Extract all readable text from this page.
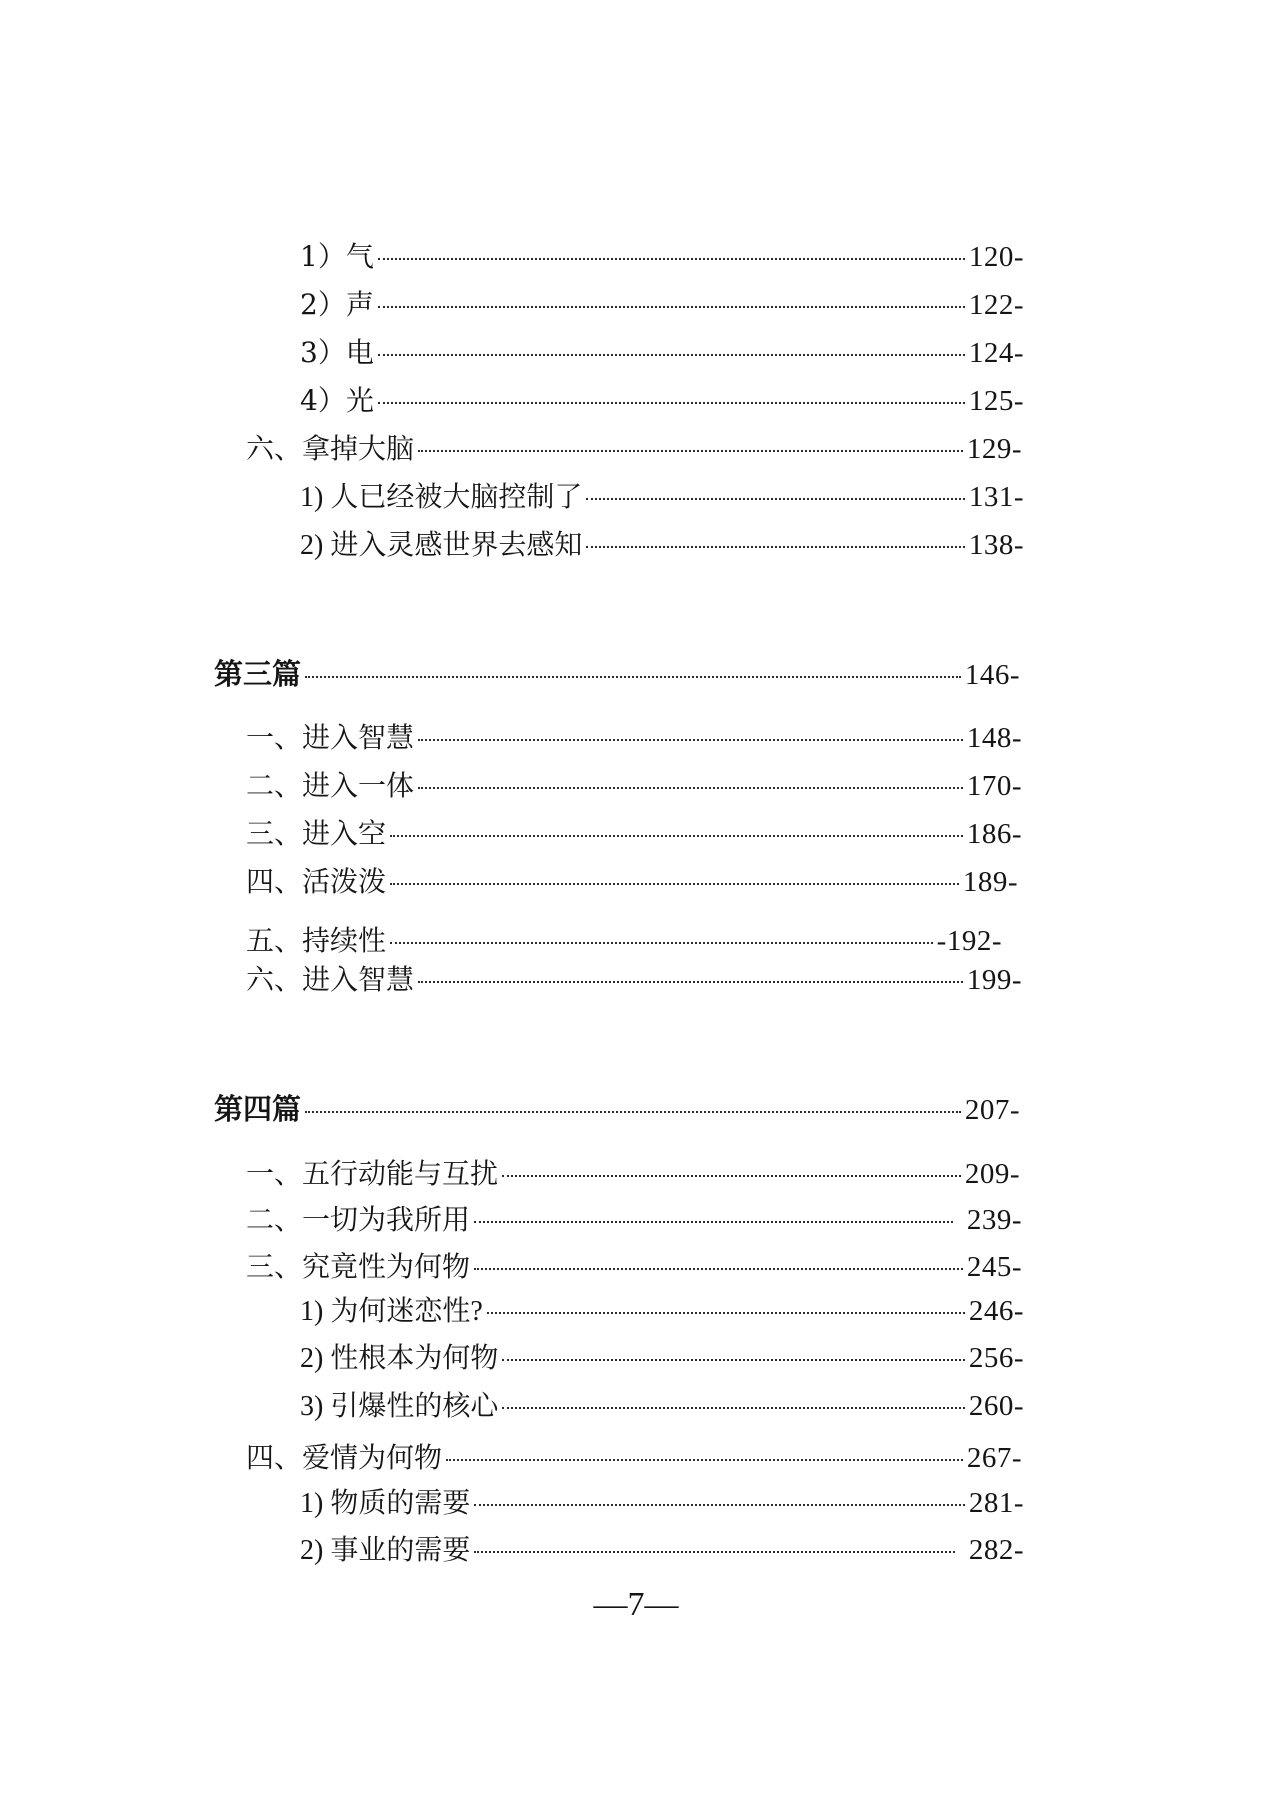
1）气	120-
2）声	122-
3）电	124-
4）光	125-
六、拿掉大脑	129-
1) 人已经被大脑控制了	131-
2) 进入灵感世界去感知	138-
第三篇	146-
一、进入智慧	148-
二、进入一体	170-
三、进入空	186-
四、活泼泼	189-
五、持续性	-192-
六、进入智慧	199-
第四篇	207-
一、五行动能与互扰	209-
二、一切为我所用	239-
三、究竟性为何物	245-
1) 为何迷恋性?	246-
2) 性根本为何物	256-
3) 引爆性的核心	260-
四、爱情为何物	267-
1) 物质的需要	281-
2) 事业的需要	282-
—7—
